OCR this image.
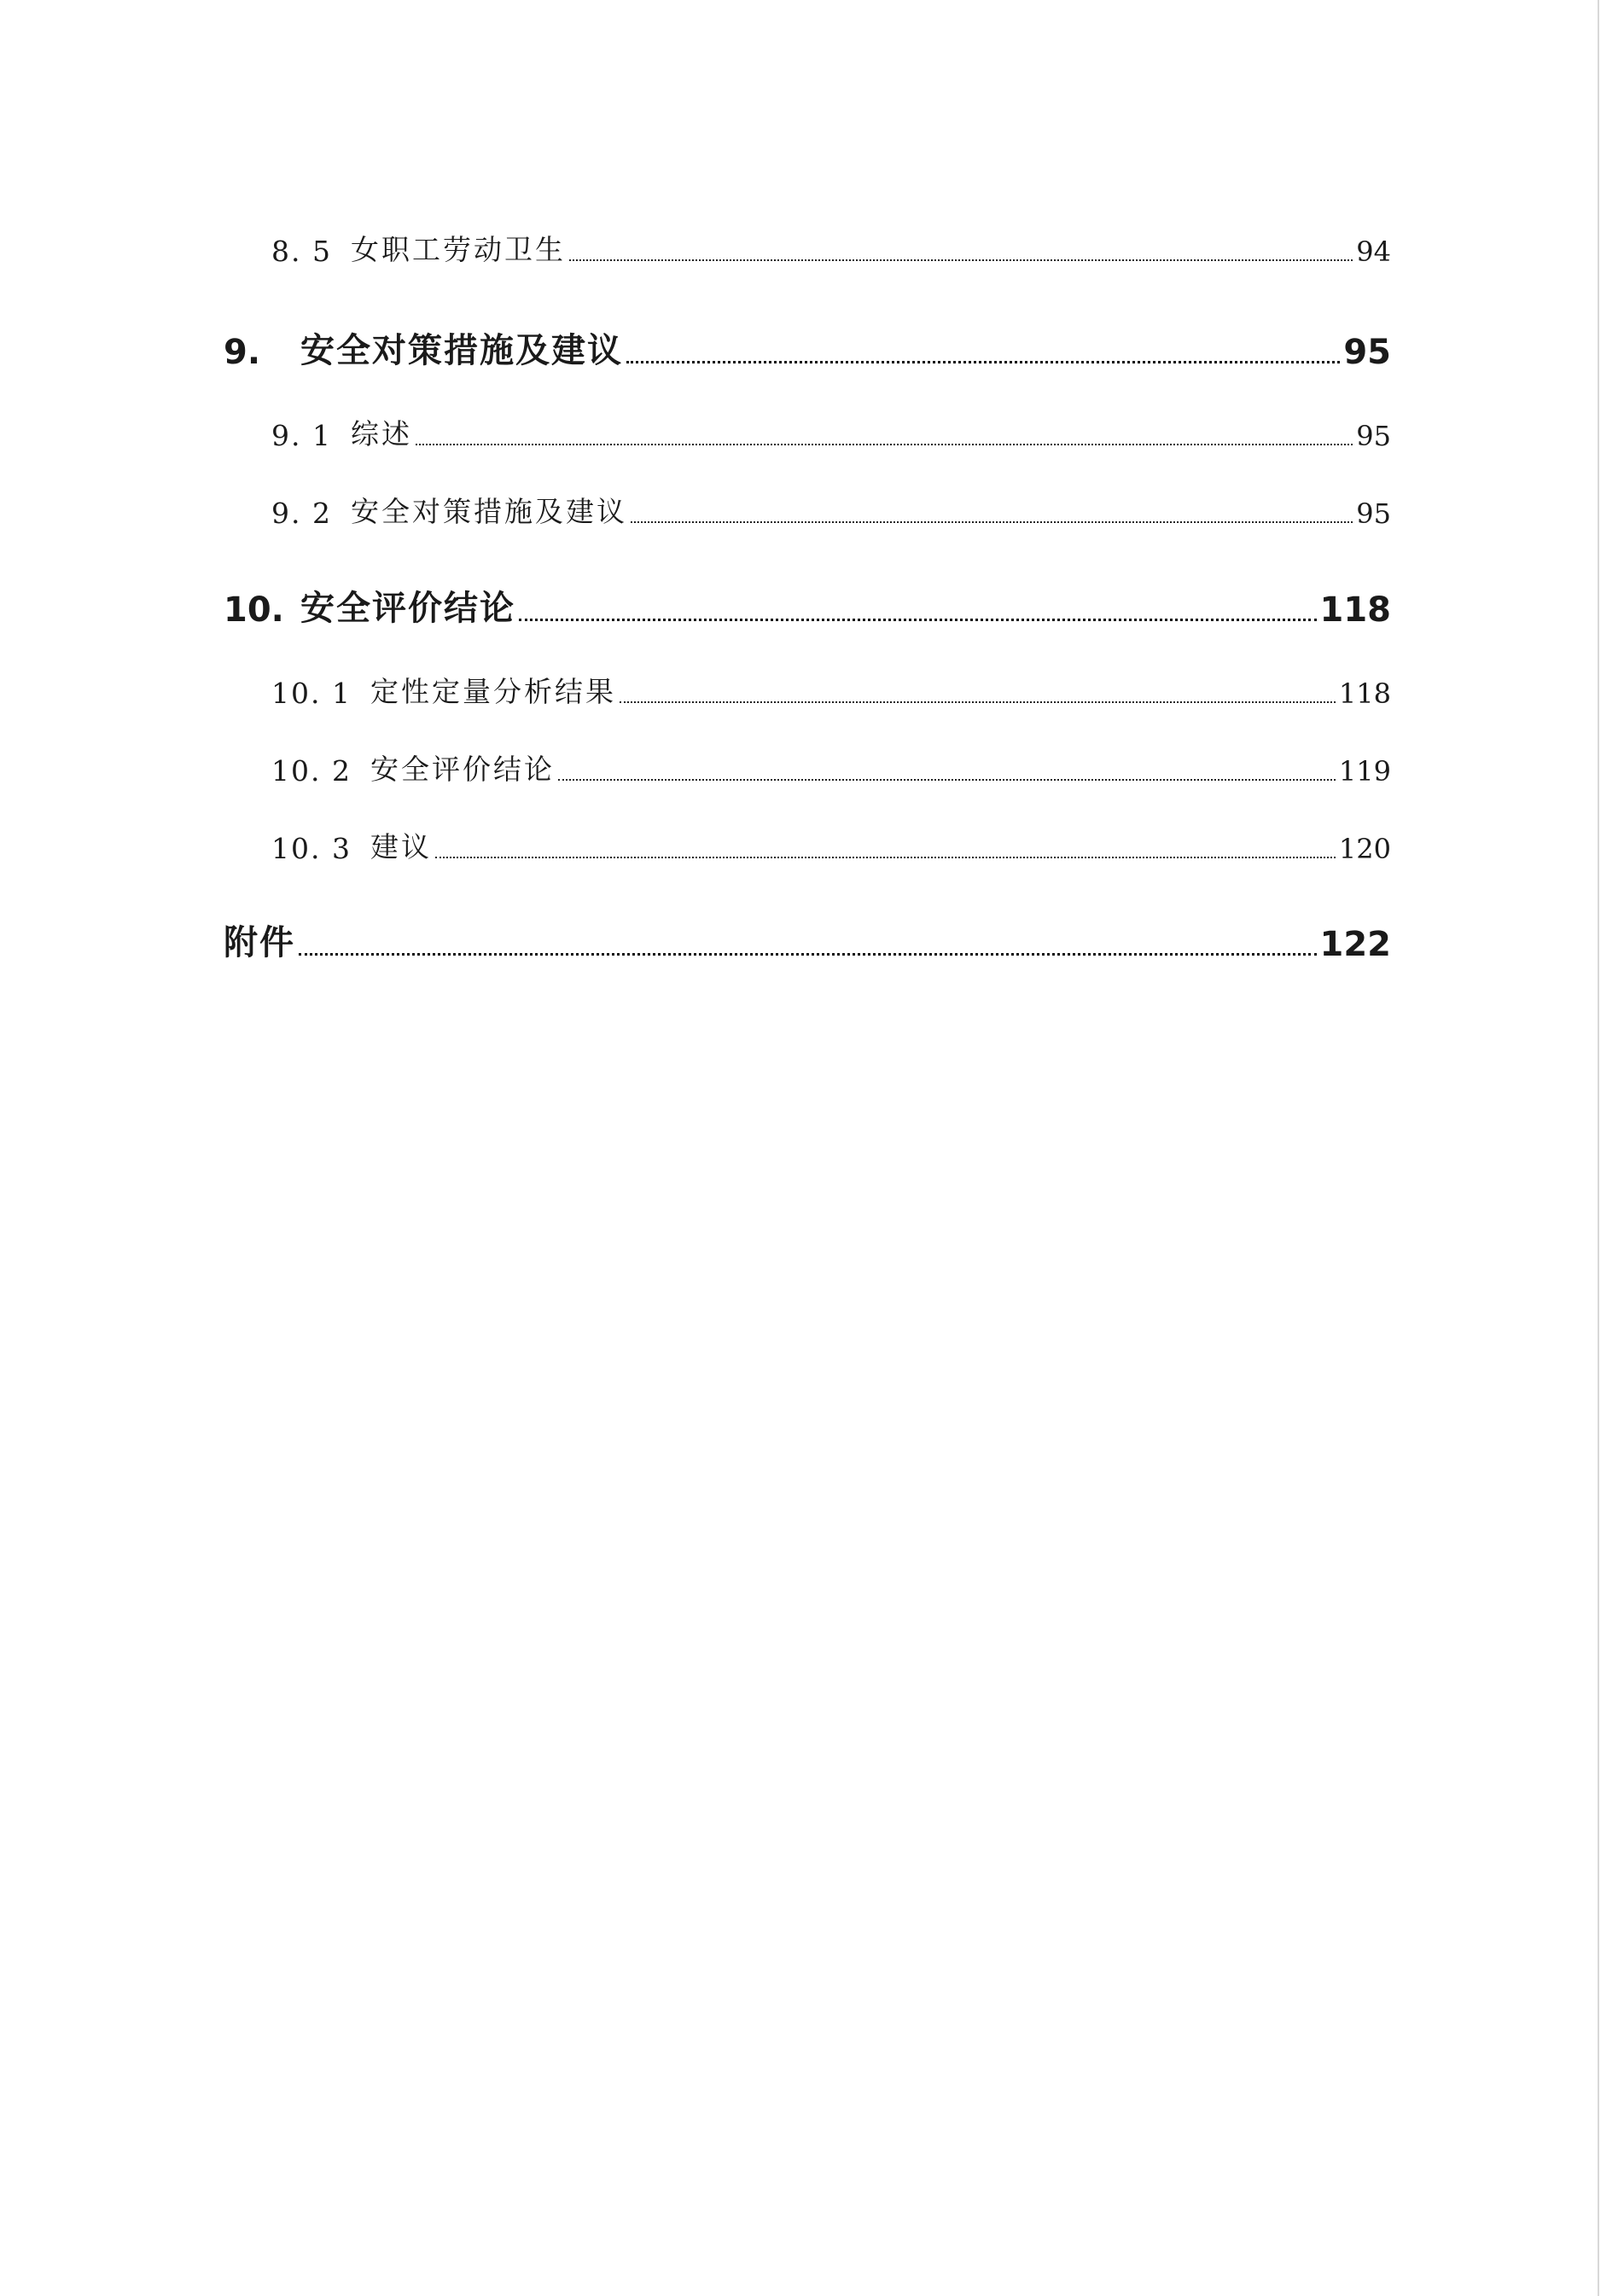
8. 5 女职工劳动卫生	94
9.	安全对策措施及建议	95
9. 1 综述	95
9. 2 安全对策措施及建议	95
10. 安全评价结论	118
10. 1 定性定量分析结果	118
10. 2 安全评价结论	119
10. 3 建议	120
附件	122
